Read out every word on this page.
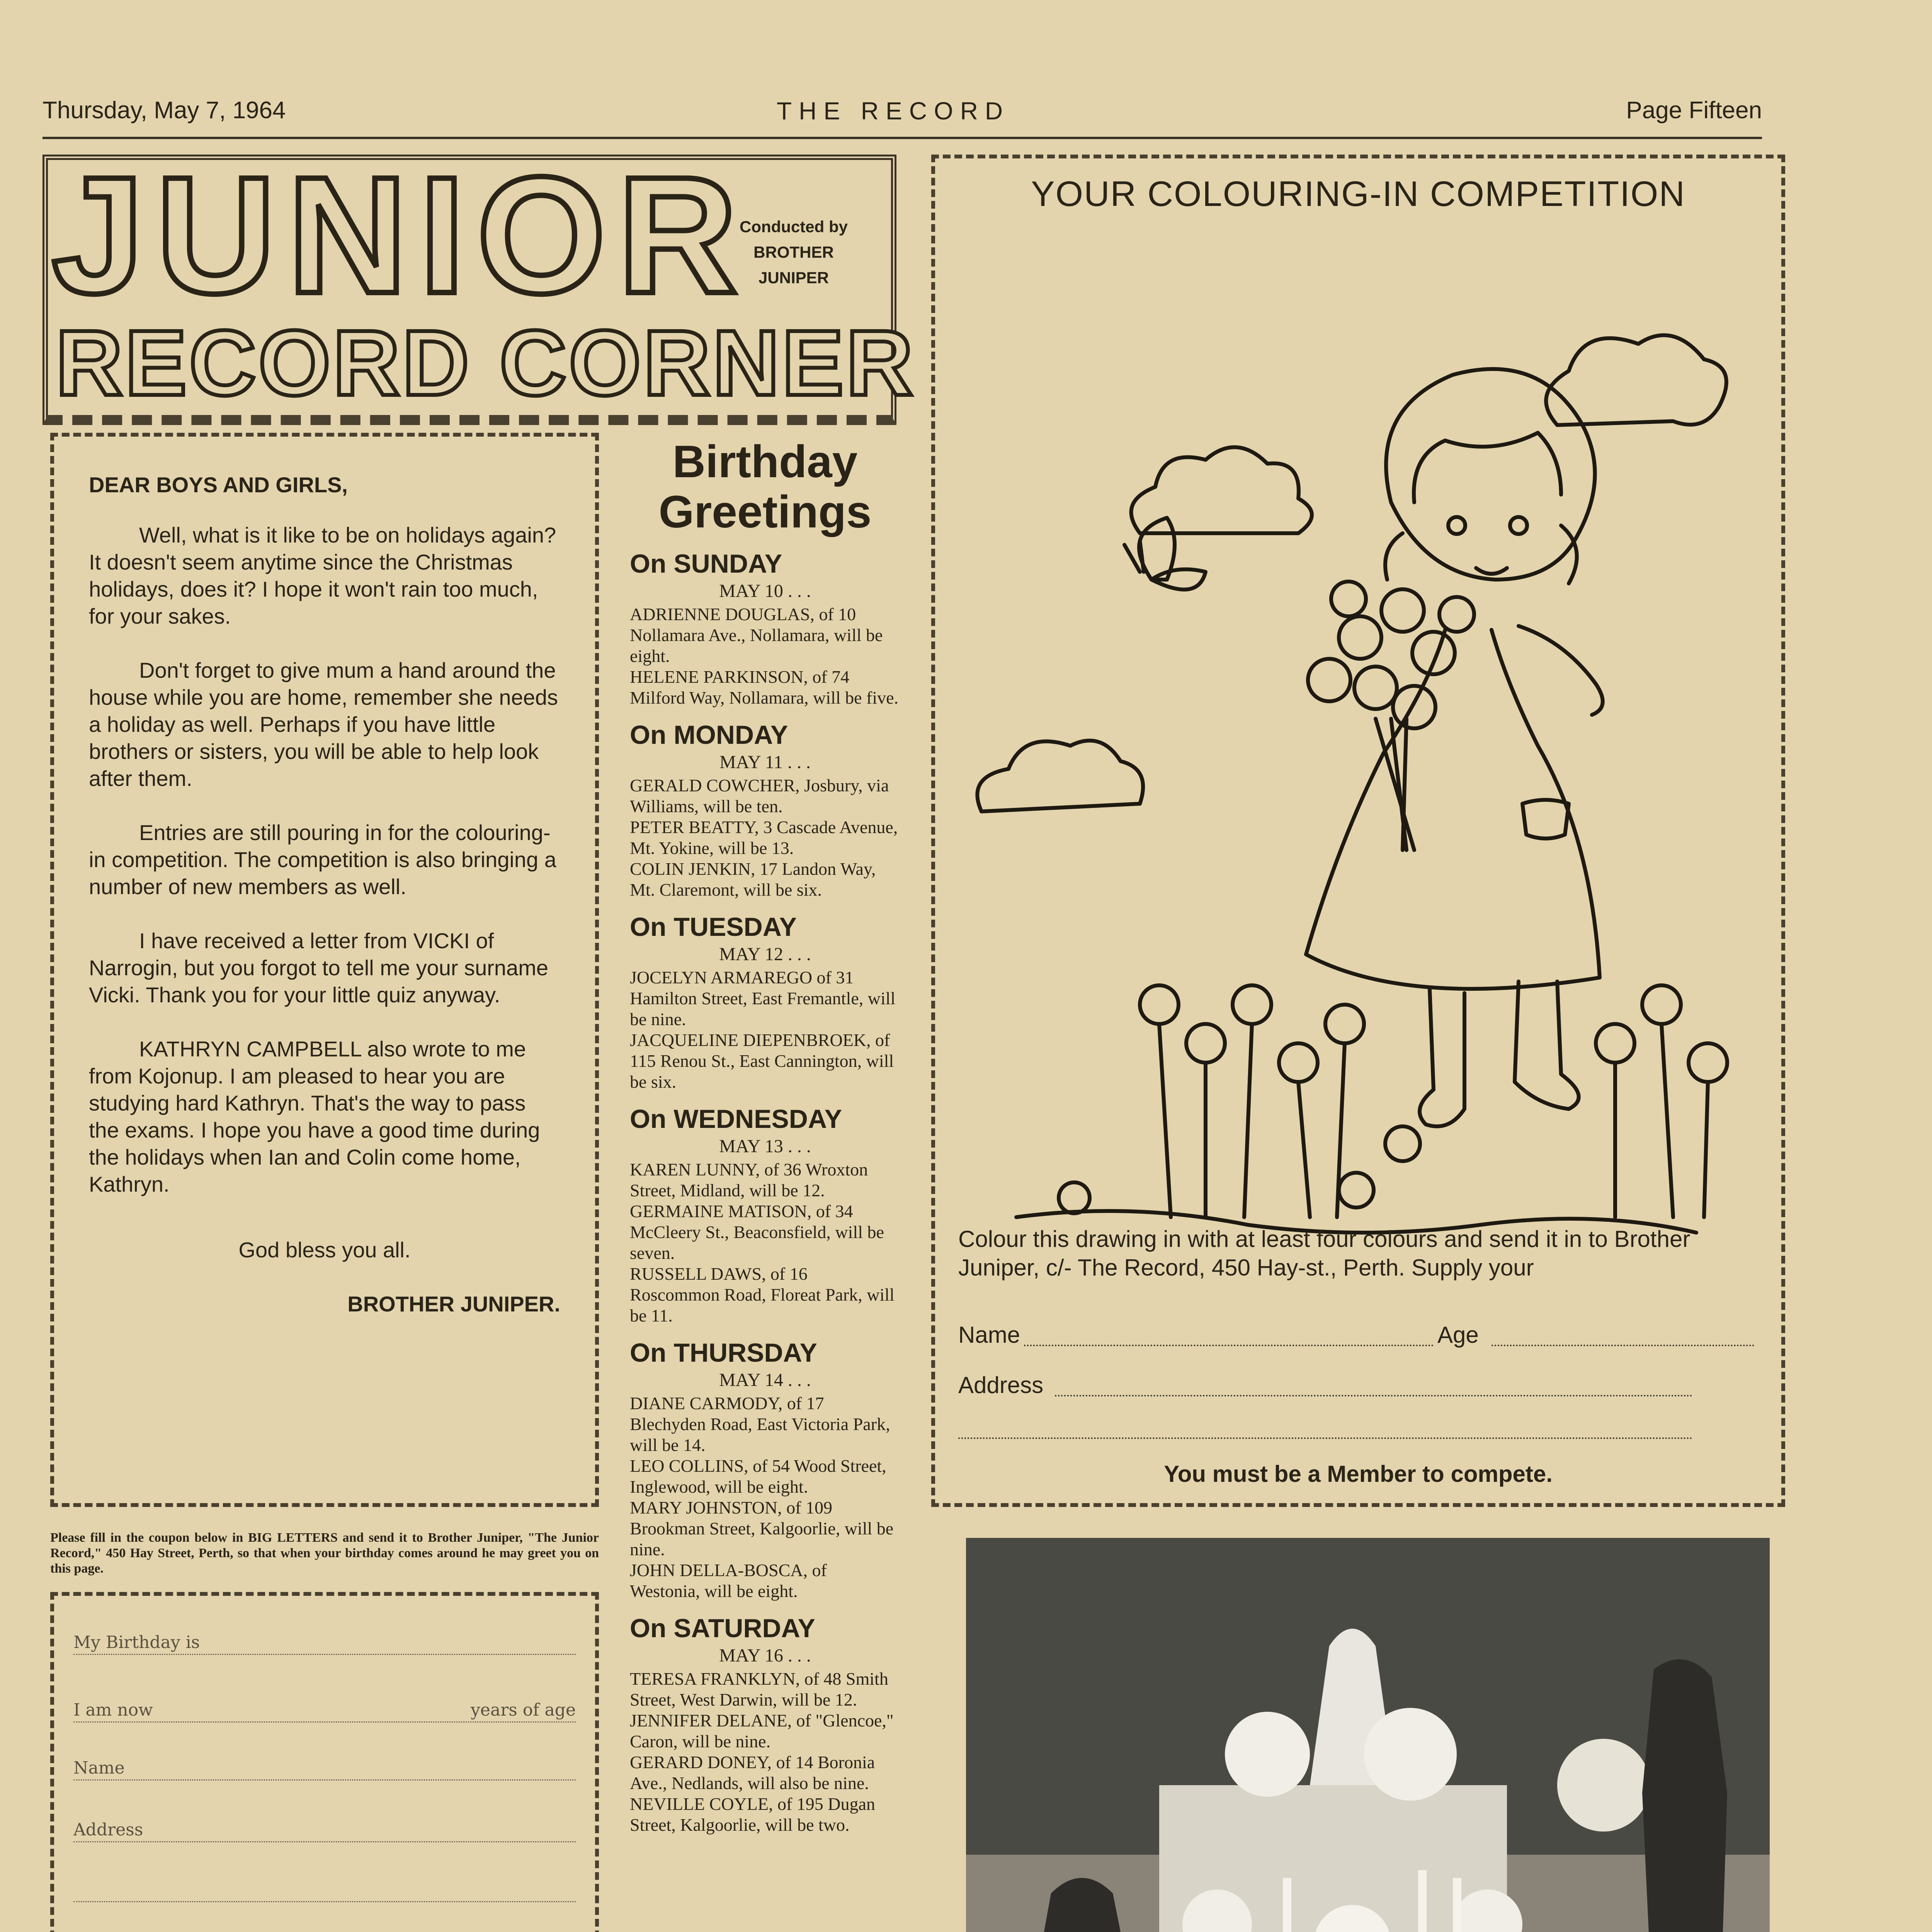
Thursday, May 7, 1964	THE RECORD	Page Fifteen
JUNIOR
RECORD CORNER
Conducted by
BROTHER
JUNIPER
DEAR BOYS AND GIRLS,

Well, what is it like to be on holidays again? It doesn't seem anytime since the Christmas holidays, does it? I hope it won't rain too much, for your sakes.

Don't forget to give mum a hand around the house while you are home, remember she needs a holiday as well. Perhaps if you have little brothers or sisters, you will be able to help look after them.

Entries are still pouring in for the colouring-in competition. The competition is also bringing a number of new members as well.

I have received a letter from VICKI of Narrogin, but you forgot to tell me your surname Vicki. Thank you for your little quiz anyway.

KATHRYN CAMPBELL also wrote to me from Kojonup. I am pleased to hear you are studying hard Kathryn. That's the way to pass the exams. I hope you have a good time during the holidays when Ian and Colin come home, Kathryn.

God bless you all.

BROTHER JUNIPER.

Please fill in the coupon below in BIG LETTERS and send it to Brother Juniper, "The Junior Record," 450 Hay Street, Perth, so that when your birthday comes around he may greet you on this page.
My Birthday is
I am now	years of age
Name
Address

Birthday
Greetings
On SUNDAY
MAY 10 . . .

ADRIENNE DOUGLAS, of 10 Nollamara Ave., Nollamara, will be eight.

HELENE PARKINSON, of 74 Milford Way, Nollamara, will be five.

On MONDAY
MAY 11 . . .

GERALD COWCHER, Josbury, via Williams, will be ten.

PETER BEATTY, 3 Cascade Avenue, Mt. Yokine, will be 13.

COLIN JENKIN, 17 Landon Way, Mt. Claremont, will be six.

On TUESDAY
MAY 12 . . .

JOCELYN ARMAREGO of 31 Hamilton Street, East Fremantle, will be nine.

JACQUELINE DIEPENBROEK, of 115 Renou St., East Cannington, will be six.

On WEDNESDAY
MAY 13 . . .

KAREN LUNNY, of 36 Wroxton Street, Midland, will be 12.

GERMAINE MATISON, of 34 McCleery St., Beaconsfield, will be seven.

RUSSELL DAWS, of 16 Roscommon Road, Floreat Park, will be 11.

On THURSDAY
MAY 14 . . .

DIANE CARMODY, of 17 Blechyden Road, East Victoria Park, will be 14.

LEO COLLINS, of 54 Wood Street, Inglewood, will be eight.

MARY JOHNSTON, of 109 Brookman Street, Kalgoorlie, will be nine.

JOHN DELLA-BOSCA, of Westonia, will be eight.

On SATURDAY
MAY 16 . . .

TERESA FRANKLYN, of 48 Smith Street, West Darwin, will be 12.

JENNIFER DELANE, of "Glencoe," Caron, will be nine.

GERARD DONEY, of 14 Boronia Ave., Nedlands, will also be nine.

NEVILLE COYLE, of 195 Dugan Street, Kalgoorlie, will be two.

YOUR COLOURING-IN COMPETITION
Colour this drawing in with at least four colours and send it in to Brother Juniper, c/- The Record, 450 Hay-st., Perth. Supply your
Name	Age
Address
You must be a Member to compete.
